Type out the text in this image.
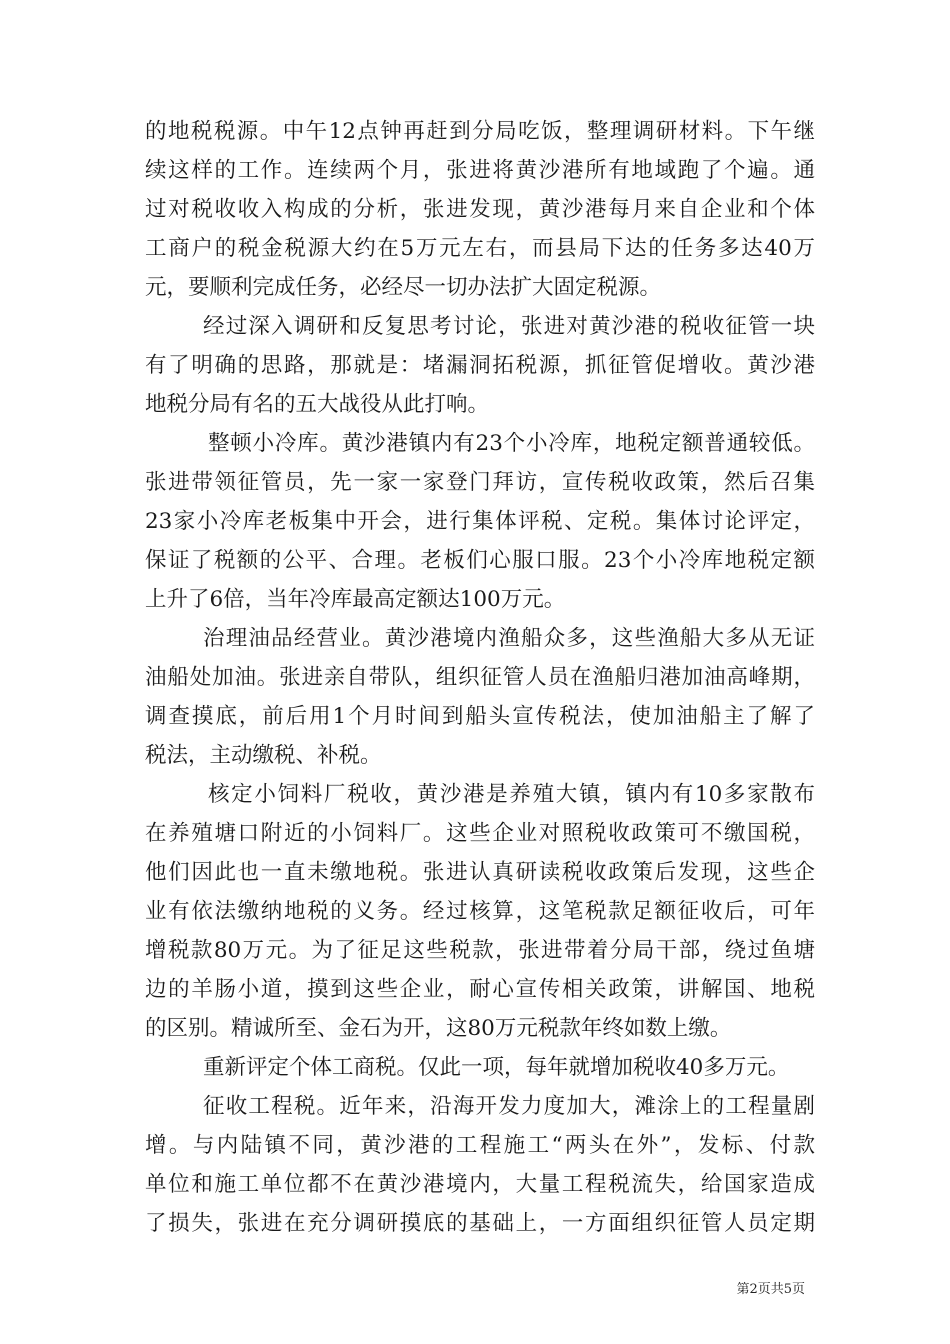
的地税税源。中午12点钟再赶到分局吃饭，整理调研材料。下午继
续这样的工作。连续两个月，张进将黄沙港所有地域跑了个遍。通
过对税收收入构成的分析，张进发现，黄沙港每月来自企业和个体
工商户的税金税源大约在5万元左右，而县局下达的任务多达40万
元，要顺利完成任务，必经尽一切办法扩大固定税源。
经过深入调研和反复思考讨论，张进对黄沙港的税收征管一块
有了明确的思路，那就是：堵漏洞拓税源，抓征管促增收。黄沙港
地税分局有名的五大战役从此打响。
整顿小冷库。黄沙港镇内有23个小冷库，地税定额普通较低。
张进带领征管员，先一家一家登门拜访，宣传税收政策，然后召集
23家小冷库老板集中开会，进行集体评税、定税。集体讨论评定，
保证了税额的公平、合理。老板们心服口服。23个小冷库地税定额
上升了6倍，当年冷库最高定额达100万元。
治理油品经营业。黄沙港境内渔船众多，这些渔船大多从无证
油船处加油。张进亲自带队，组织征管人员在渔船归港加油高峰期，
调查摸底，前后用1个月时间到船头宣传税法，使加油船主了解了
税法，主动缴税、补税。
核定小饲料厂税收，黄沙港是养殖大镇，镇内有10多家散布
在养殖塘口附近的小饲料厂。这些企业对照税收政策可不缴国税，
他们因此也一直未缴地税。张进认真研读税收政策后发现，这些企
业有依法缴纳地税的义务。经过核算，这笔税款足额征收后，可年
增税款80万元。为了征足这些税款，张进带着分局干部，绕过鱼塘
边的羊肠小道，摸到这些企业，耐心宣传相关政策，讲解国、地税
的区别。精诚所至、金石为开，这80万元税款年终如数上缴。
重新评定个体工商税。仅此一项，每年就增加税收40多万元。
征收工程税。近年来，沿海开发力度加大，滩涂上的工程量剧
增。与内陆镇不同，黄沙港的工程施工“两头在外”，发标、付款
单位和施工单位都不在黄沙港境内，大量工程税流失，给国家造成
了损失，张进在充分调研摸底的基础上，一方面组织征管人员定期
第2页共5页
